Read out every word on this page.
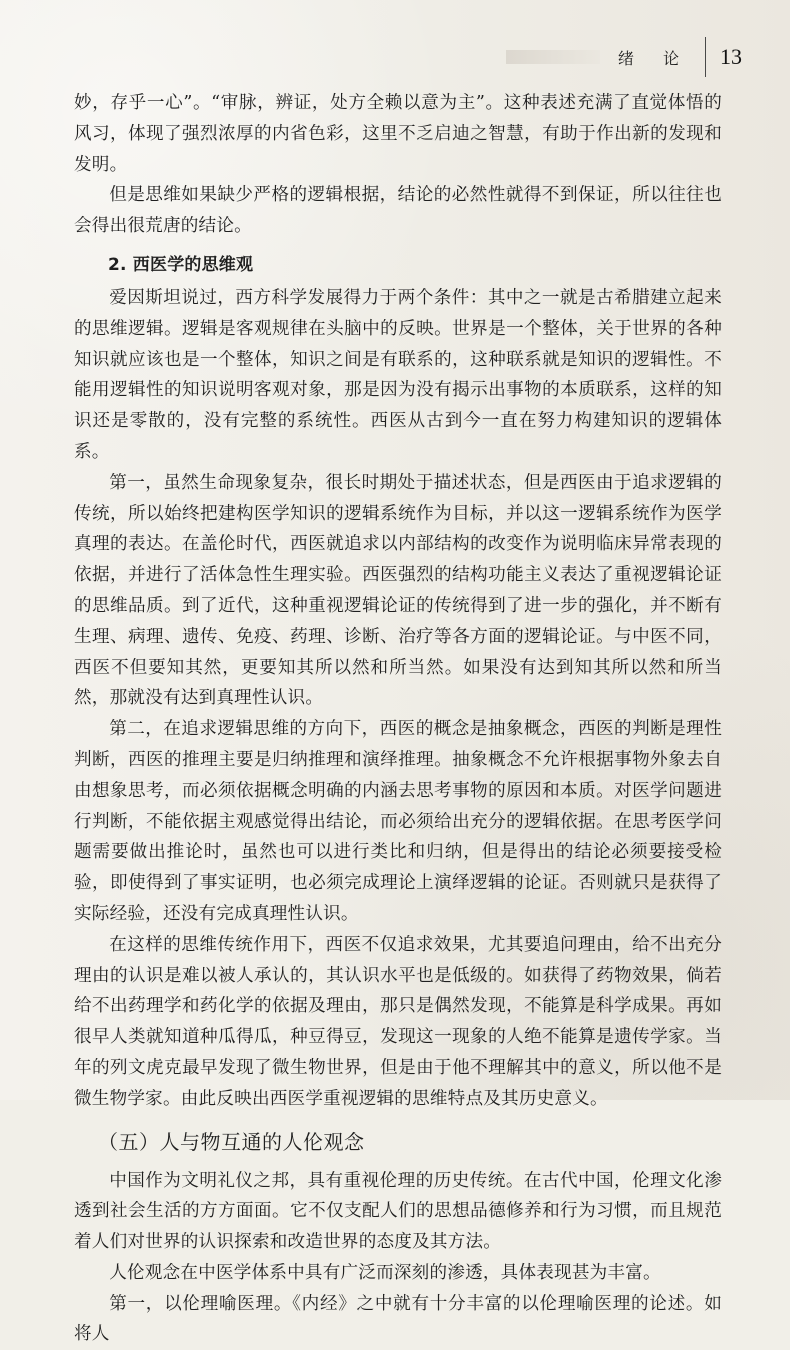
绪 论 13

妙，存乎一心”。“审脉，辨证，处方全赖以意为主”。这种表述充满了直觉体悟的风习，体现了强烈浓厚的内省色彩，这里不乏启迪之智慧，有助于作出新的发现和发明。

但是思维如果缺少严格的逻辑根据，结论的必然性就得不到保证，所以往往也会得出很荒唐的结论。

2. 西医学的思维观

爱因斯坦说过，西方科学发展得力于两个条件：其中之一就是古希腊建立起来的思维逻辑。逻辑是客观规律在头脑中的反映。世界是一个整体，关于世界的各种知识就应该也是一个整体，知识之间是有联系的，这种联系就是知识的逻辑性。不能用逻辑性的知识说明客观对象，那是因为没有揭示出事物的本质联系，这样的知识还是零散的，没有完整的系统性。西医从古到今一直在努力构建知识的逻辑体系。

第一，虽然生命现象复杂，很长时期处于描述状态，但是西医由于追求逻辑的传统，所以始终把建构医学知识的逻辑系统作为目标，并以这一逻辑系统作为医学真理的表达。在盖伦时代，西医就追求以内部结构的改变作为说明临床异常表现的依据，并进行了活体急性生理实验。西医强烈的结构功能主义表达了重视逻辑论证的思维品质。到了近代，这种重视逻辑论证的传统得到了进一步的强化，并不断有生理、病理、遗传、免疫、药理、诊断、治疗等各方面的逻辑论证。与中医不同，西医不但要知其然，更要知其所以然和所当然。如果没有达到知其所以然和所当然，那就没有达到真理性认识。

第二，在追求逻辑思维的方向下，西医的概念是抽象概念，西医的判断是理性判断，西医的推理主要是归纳推理和演绎推理。抽象概念不允许根据事物外象去自由想象思考，而必须依据概念明确的内涵去思考事物的原因和本质。对医学问题进行判断，不能依据主观感觉得出结论，而必须给出充分的逻辑依据。在思考医学问题需要做出推论时，虽然也可以进行类比和归纳，但是得出的结论必须要接受检验，即使得到了事实证明，也必须完成理论上演绎逻辑的论证。否则就只是获得了实际经验，还没有完成真理性认识。

在这样的思维传统作用下，西医不仅追求效果，尤其要追问理由，给不出充分理由的认识是难以被人承认的，其认识水平也是低级的。如获得了药物效果，倘若给不出药理学和药化学的依据及理由，那只是偶然发现，不能算是科学成果。再如很早人类就知道种瓜得瓜，种豆得豆，发现这一现象的人绝不能算是遗传学家。当年的列文虎克最早发现了微生物世界，但是由于他不理解其中的意义，所以他不是微生物学家。由此反映出西医学重视逻辑的思维特点及其历史意义。

（五）人与物互通的人伦观念

中国作为文明礼仪之邦，具有重视伦理的历史传统。在古代中国，伦理文化渗透到社会生活的方方面面。它不仅支配人们的思想品德修养和行为习惯，而且规范着人们对世界的认识探索和改造世界的态度及其方法。

人伦观念在中医学体系中具有广泛而深刻的渗透，具体表现甚为丰富。

第一，以伦理喻医理。《内经》之中就有十分丰富的以伦理喻医理的论述。如将人
